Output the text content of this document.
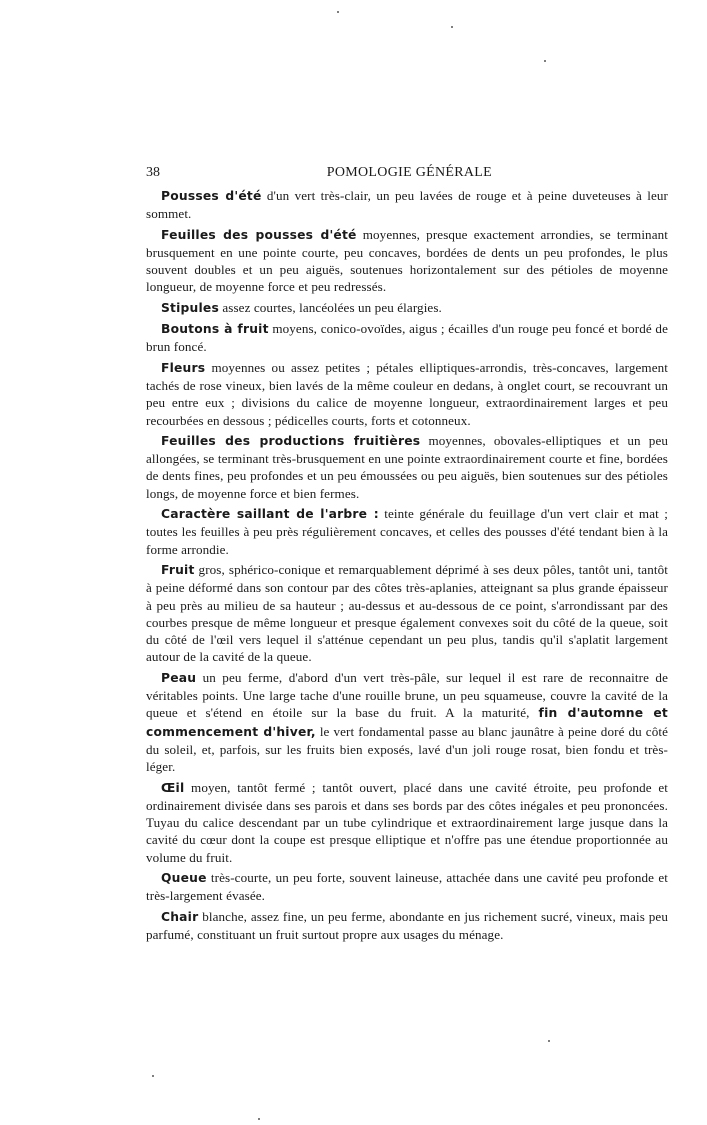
38	POMOLOGIE GÉNÉRALE

Pousses d'été d'un vert très-clair, un peu lavées de rouge et à peine duveteuses à leur sommet.

Feuilles des pousses d'été moyennes, presque exactement arrondies, se terminant brusquement en une pointe courte, peu concaves, bordées de dents un peu profondes, le plus souvent doubles et un peu aiguës, soutenues horizontalement sur des pétioles de moyenne longueur, de moyenne force et peu redressés.

Stipules assez courtes, lancéolées un peu élargies.

Boutons à fruit moyens, conico-ovoïdes, aigus ; écailles d'un rouge peu foncé et bordé de brun foncé.

Fleurs moyennes ou assez petites ; pétales elliptiques-arrondis, très-concaves, largement tachés de rose vineux, bien lavés de la même couleur en dedans, à onglet court, se recouvrant un peu entre eux ; divisions du calice de moyenne longueur, extraordinairement larges et peu recourbées en dessous ; pédicelles courts, forts et cotonneux.

Feuilles des productions fruitières moyennes, obovales-elliptiques et un peu allongées, se terminant très-brusquement en une pointe extraordinairement courte et fine, bordées de dents fines, peu profondes et un peu émoussées ou peu aiguës, bien soutenues sur des pétioles longs, de moyenne force et bien fermes.

Caractère saillant de l'arbre : teinte générale du feuillage d'un vert clair et mat ; toutes les feuilles à peu près régulièrement concaves, et celles des pousses d'été tendant bien à la forme arrondie.

Fruit gros, sphérico-conique et remarquablement déprimé à ses deux pôles, tantôt uni, tantôt à peine déformé dans son contour par des côtes très-aplanies, atteignant sa plus grande épaisseur à peu près au milieu de sa hauteur ; au-dessus et au-dessous de ce point, s'arrondissant par des courbes presque de même longueur et presque également convexes soit du côté de la queue, soit du côté de l'œil vers lequel il s'atténue cependant un peu plus, tandis qu'il s'aplatit largement autour de la cavité de la queue.

Peau un peu ferme, d'abord d'un vert très-pâle, sur lequel il est rare de reconnaitre de véritables points. Une large tache d'une rouille brune, un peu squameuse, couvre la cavité de la queue et s'étend en étoile sur la base du fruit. A la maturité, fin d'automne et commencement d'hiver, le vert fondamental passe au blanc jaunâtre à peine doré du côté du soleil, et, parfois, sur les fruits bien exposés, lavé d'un joli rouge rosat, bien fondu et très-léger.

Œil moyen, tantôt fermé ; tantôt ouvert, placé dans une cavité étroite, peu profonde et ordinairement divisée dans ses parois et dans ses bords par des côtes inégales et peu prononcées. Tuyau du calice descendant par un tube cylindrique et extraordinairement large jusque dans la cavité du cœur dont la coupe est presque elliptique et n'offre pas une étendue proportionnée au volume du fruit.

Queue très-courte, un peu forte, souvent laineuse, attachée dans une cavité peu profonde et très-largement évasée.

Chair blanche, assez fine, un peu ferme, abondante en jus richement sucré, vineux, mais peu parfumé, constituant un fruit surtout propre aux usages du ménage.
